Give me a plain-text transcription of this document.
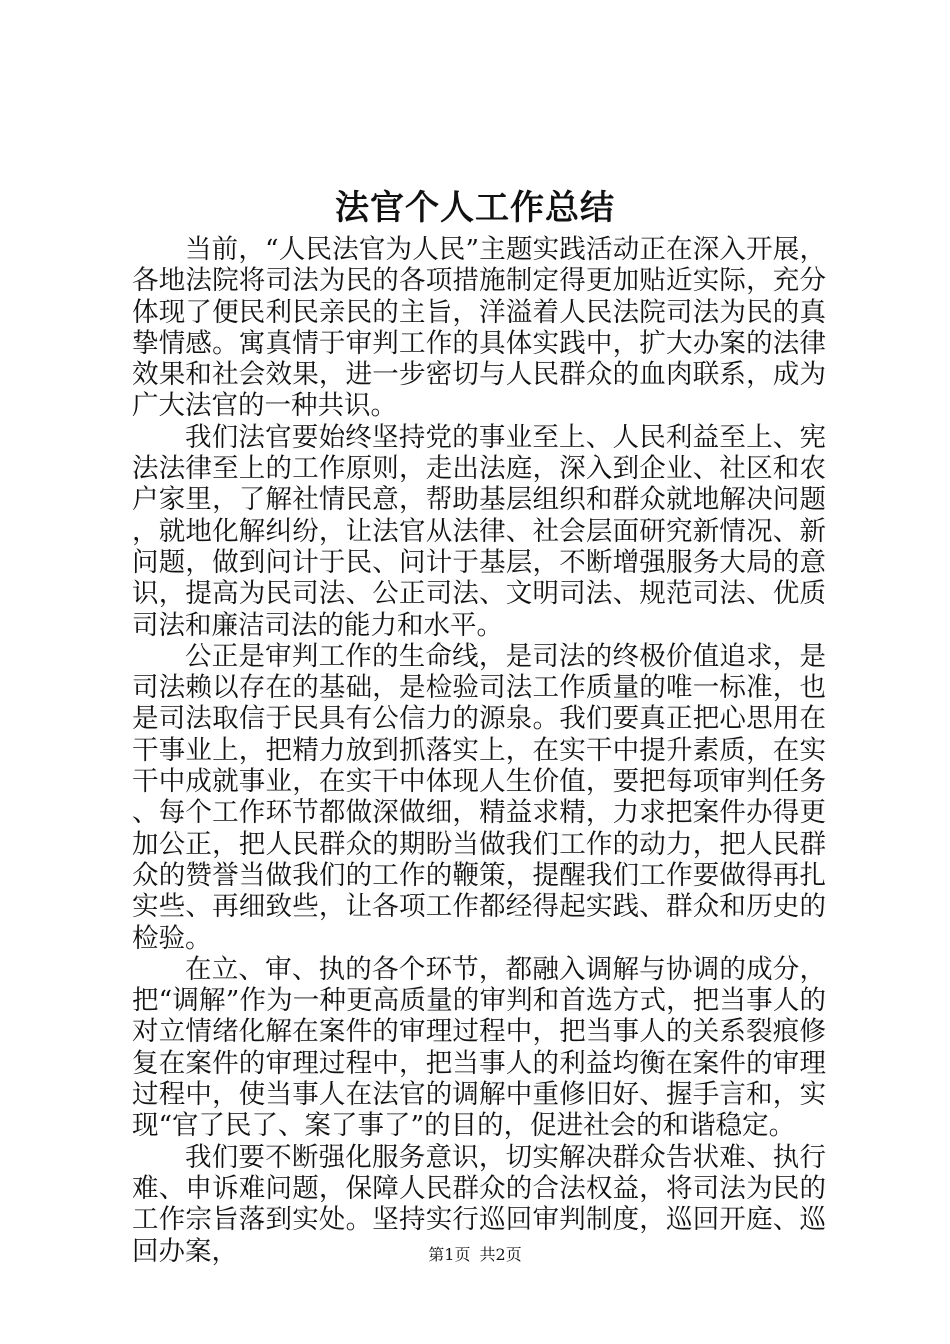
法官个人工作总结

当前，“人民法官为人民”主题实践活动正在深入开展，各地法院将司法为民的各项措施制定得更加贴近实际，充分体现了便民利民亲民的主旨，洋溢着人民法院司法为民的真挚情感。寓真情于审判工作的具体实践中，扩大办案的法律效果和社会效果，进一步密切与人民群众的血肉联系，成为广大法官的一种共识。

我们法官要始终坚持党的事业至上、人民利益至上、宪法法律至上的工作原则，走出法庭，深入到企业、社区和农户家里，了解社情民意，帮助基层组织和群众就地解决问题，就地化解纠纷，让法官从法律、社会层面研究新情况、新问题，做到问计于民、问计于基层，不断增强服务大局的意识，提高为民司法、公正司法、文明司法、规范司法、优质司法和廉洁司法的能力和水平。

公正是审判工作的生命线，是司法的终极价值追求，是司法赖以存在的基础，是检验司法工作质量的唯一标准，也是司法取信于民具有公信力的源泉。我们要真正把心思用在干事业上，把精力放到抓落实上，在实干中提升素质，在实干中成就事业，在实干中体现人生价值，要把每项审判任务、每个工作环节都做深做细，精益求精，力求把案件办得更加公正，把人民群众的期盼当做我们工作的动力，把人民群众的赞誉当做我们的工作的鞭策，提醒我们工作要做得再扎实些、再细致些，让各项工作都经得起实践、群众和历史的检验。

在立、审、执的各个环节，都融入调解与协调的成分，把“调解”作为一种更高质量的审判和首选方式，把当事人的对立情绪化解在案件的审理过程中，把当事人的关系裂痕修复在案件的审理过程中，把当事人的利益均衡在案件的审理过程中，使当事人在法官的调解中重修旧好、握手言和，实现“官了民了、案了事了”的目的，促进社会的和谐稳定。

我们要不断强化服务意识，切实解决群众告状难、执行难、申诉难问题，保障人民群众的合法权益，将司法为民的工作宗旨落到实处。坚持实行巡回审判制度，巡回开庭、巡回办案，	第1页 共2页
